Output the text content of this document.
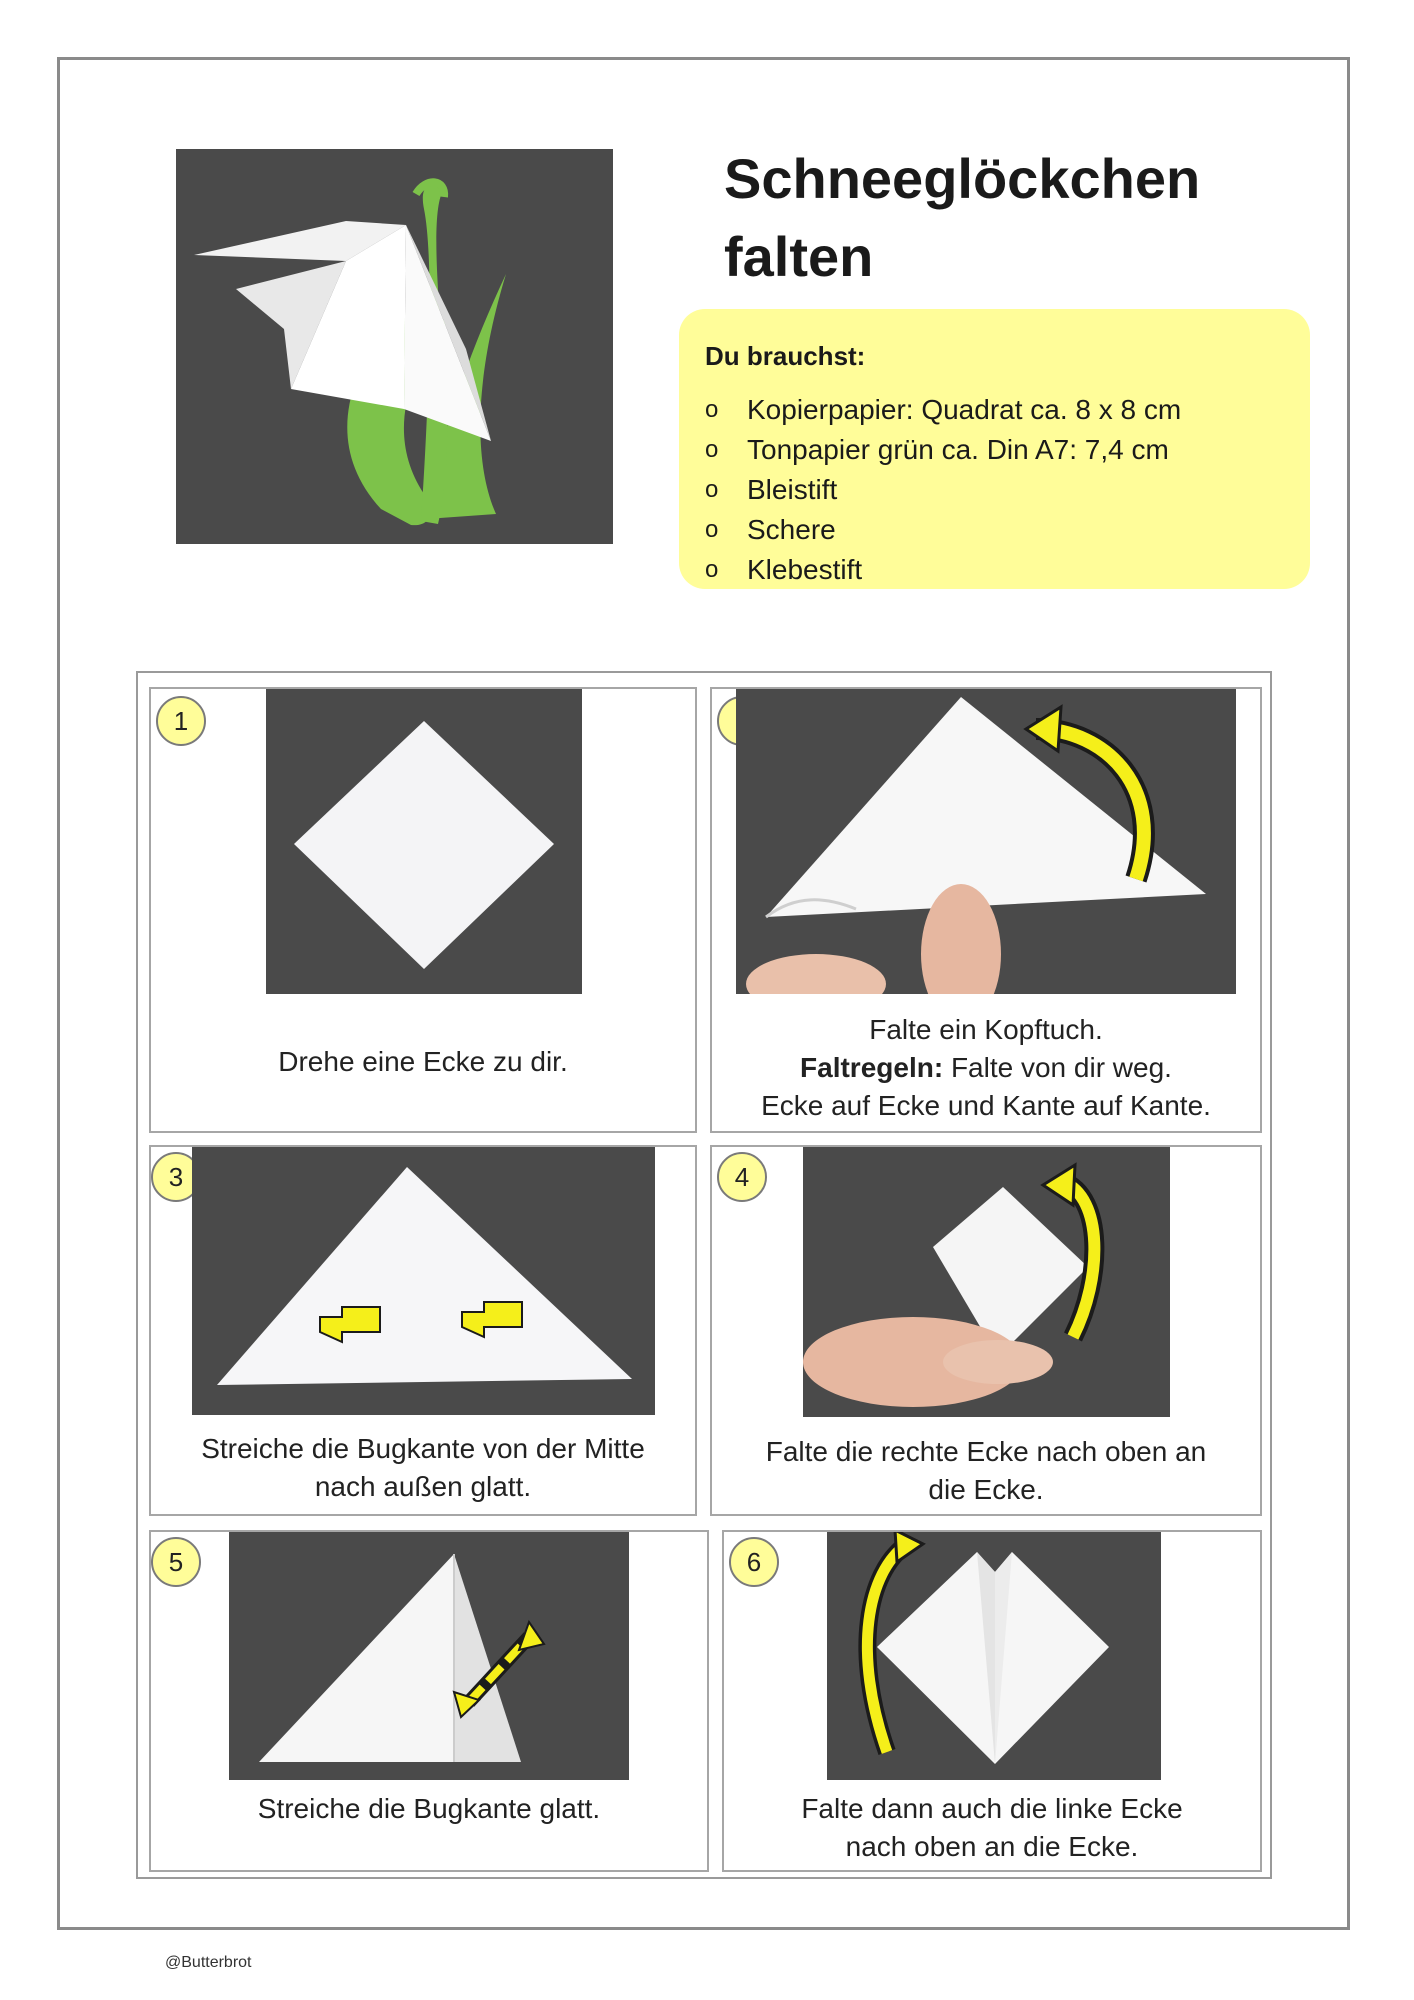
Schneeglöckchen
falten
Du brauchst:
o	Kopierpapier: Quadrat ca. 8 x 8 cm
o	Tonpapier grün ca. Din A7: 7,4 cm
o	Bleistift
o	Schere
o	Klebestift
1
Drehe eine Ecke zu dir.
Falte ein Kopftuch.
Faltregeln: Falte von dir weg.
Ecke auf Ecke und Kante auf Kante.
3
Streiche die Bugkante von der Mitte
nach außen glatt.
4
Falte die rechte Ecke nach oben an
die Ecke.
5
Streiche die Bugkante glatt.
6
Falte dann auch die linke Ecke
nach oben an die Ecke.
@Butterbrot
